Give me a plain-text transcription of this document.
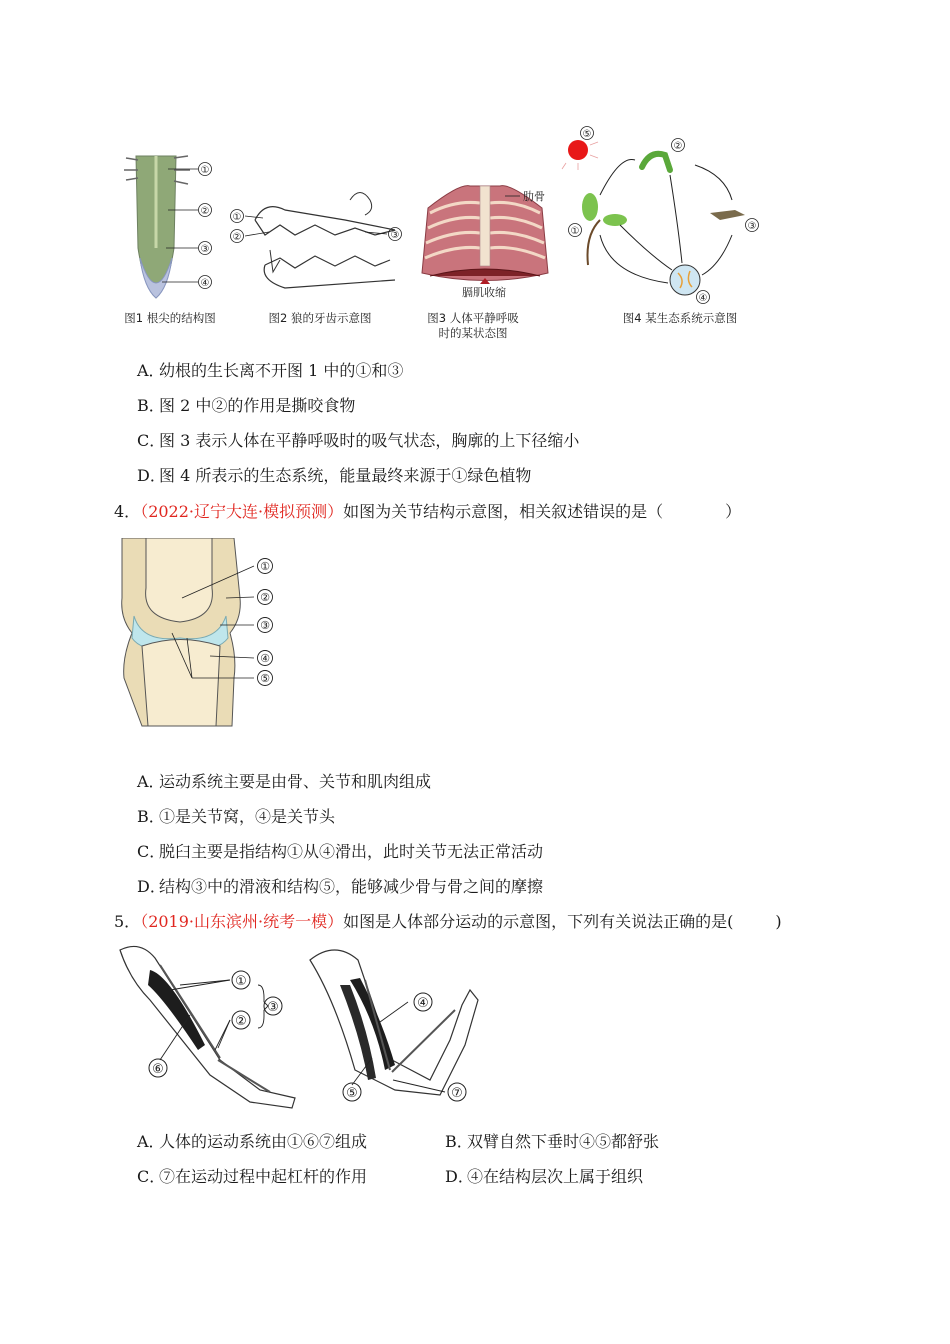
①
②
③
④
图1 根尖的结构图
①
②	③
图2 狼的牙齿示意图
肋骨
膈肌收缩
图3 人体平静呼吸
时的某状态图
⑤
①
②
③
④
图4 某生态系统示意图
A．幼根的生长离不开图 1 中的①和③
B．图 2 中②的作用是撕咬食物
C．图 3 表示人体在平静呼吸时的吸气状态，胸廓的上下径缩小
D．图 4 所表示的生态系统，能量最终来源于①绿色植物
4．（2022·辽宁大连·模拟预测）如图为关节结构示意图，相关叙述错误的是（	）
①
②
③
④
⑤
A．运动系统主要是由骨、关节和肌肉组成
B．①是关节窝，④是关节头
C．脱臼主要是指结构①从④滑出，此时关节无法正常活动
D．结构③中的滑液和结构⑤，能够减少骨与骨之间的摩擦
5．（2019·山东滨州·统考一模）如图是人体部分运动的示意图，下列有关说法正确的是(	)
①
②
③	④
⑤
⑥
⑦
A．人体的运动系统由①⑥⑦组成	B．双臂自然下垂时④⑤都舒张
C．⑦在运动过程中起杠杆的作用	D．④在结构层次上属于组织
